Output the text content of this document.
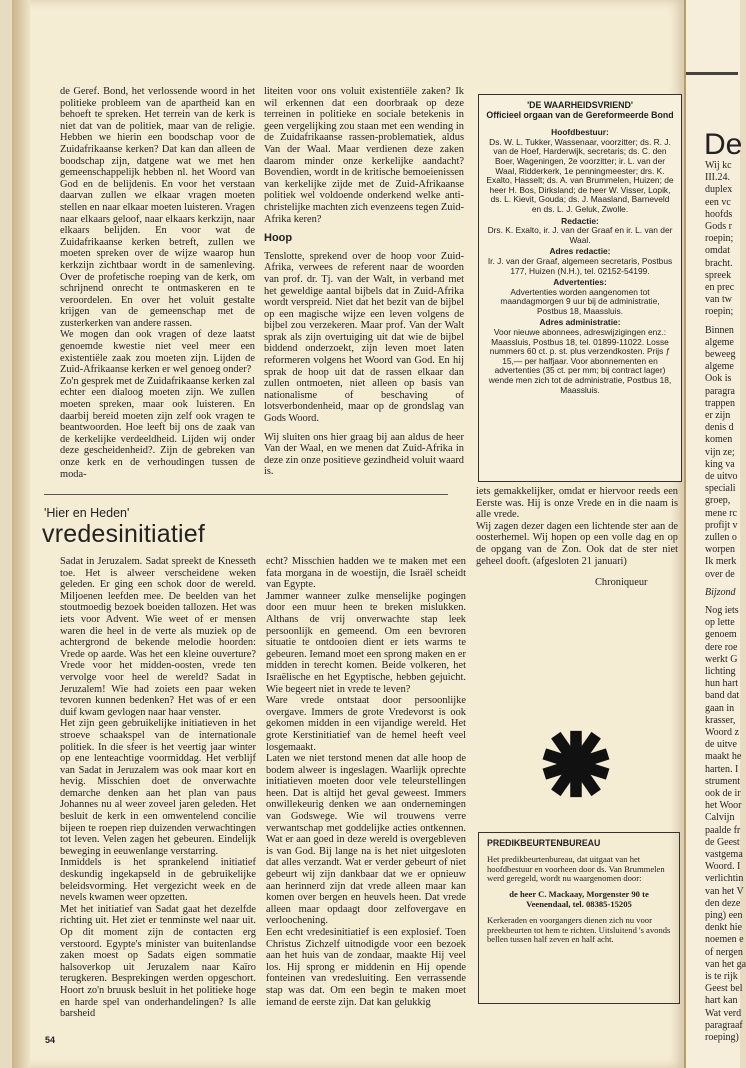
de Geref. Bond, het verlossende woord in het politieke probleem van de apartheid kan en behoeft te spreken. Het terrein van de kerk is niet dat van de politiek, maar van de religie. Hebben we hierin een boodschap voor de Zuidafrikaanse kerken? Dat kan dan alleen de boodschap zijn, datgene wat we met hen gemeenschappelijk hebben nl. het Woord van God en de belijdenis. En voor het verstaan daarvan zullen we elkaar vragen moeten stellen en naar elkaar moeten luisteren. Vragen naar elkaars geloof, naar elkaars kerkzijn, naar elkaars belijden. En voor wat de Zuidafrikaanse kerken betreft, zullen we moeten spreken over de wijze waarop hun kerkzijn zichtbaar wordt in de samenleving. Over de profetische roeping van de kerk, om schrijnend onrecht te ontmaskeren en te veroordelen. En over het voluit gestalte krijgen van de gemeenschap met de zusterkerken van andere rassen.

We mogen dan ook vragen of deze laatst genoemde kwestie niet veel meer een existentiële zaak zou moeten zijn. Lijden de Zuid-Afrikaanse kerken er wel genoeg onder?

Zo'n gesprek met de Zuidafrikaanse kerken zal echter een dialoog moeten zijn. We zullen moeten spreken, maar ook luisteren. En daarbij bereid moeten zijn zelf ook vragen te beantwoorden. Hoe leeft bij ons de zaak van de kerkelijke verdeeldheid. Lijden wij onder deze gescheidenheid?. Zijn de gebreken van onze kerk en de verhoudingen tussen de moda-

liteiten voor ons voluit existentiële zaken? Ik wil erkennen dat een doorbraak op deze terreinen in politieke en sociale betekenis in geen vergelijking zou staan met een wending in de Zuidafrikaanse rassen-problematiek, aldus Van der Waal. Maar verdienen deze zaken daarom minder onze kerkelijke aandacht? Bovendien, wordt in de kritische bemoeienissen van kerkelijke zijde met de Zuid-Afrikaanse politiek wel voldoende onderkend welke anti-christelijke machten zich evenzeens tegen Zuid-Afrika keren?

Hoop

Tenslotte, sprekend over de hoop voor Zuid-Afrika, verwees de referent naar de woorden van prof. dr. Tj. van der Walt, in verband met het geweldige aantal bijbels dat in Zuid-Afrika wordt verspreid. Niet dat het bezit van de bijbel op een magische wijze een leven volgens de bijbel zou verzekeren. Maar prof. Van der Walt sprak als zijn overtuiging uit dat wie de bijbel biddend onderzoekt, zijn leven moet laten reformeren volgens het Woord van God. En hij sprak de hoop uit dat de rassen elkaar dan zullen ontmoeten, niet alleen op basis van nationalisme of beschaving of lotsverbondenheid, maar op de grondslag van Gods Woord.

Wij sluiten ons hier graag bij aan aldus de heer Van der Waal, en we menen dat Zuid-Afrika in deze zin onze positieve gezindheid voluit waard is.

'DE WAARHEIDSVRIEND'
Officieel orgaan van de Gereformeerde Bond
Hoofdbestuur:
Ds. W. L. Tukker, Wassenaar, voorzitter; ds. R. J. van de Hoef, Harderwijk, secretaris; ds. C. den Boer, Wageningen, 2e voorzitter; ir. L. van der Waal, Ridderkerk, 1e penningmeester; drs. K. Exalto, Hasselt; ds. A. van Brummelen, Huizen; de heer H. Bos, Dirksland; de heer W. Visser, Lopik, ds. L. Kievit, Gouda; ds. J. Maasland, Barneveld en ds. L. J. Geluk, Zwolle.
Redactie:
Drs. K. Exalto, ir. J. van der Graaf en ir. L. van der Waal.
Adres redactie:
Ir. J. van der Graaf, algemeen secretaris, Postbus 177, Huizen (N.H.), tel. 02152-54199.
Advertenties:
Advertenties worden aangenomen tot maandagmorgen 9 uur bij de administratie, Postbus 18, Maassluis.
Adres administratie:
Voor nieuwe abonnees, adreswijzigingen enz.: Maassluis, Postbus 18, tel. 01899-11022. Losse nummers 60 ct. p. st. plus verzendkosten. Prijs ƒ 15,— per halfjaar. Voor abonnementen en advertenties (35 ct. per mm; bij contract lager) wende men zich tot de administratie, Postbus 18, Maassluis.
'Hier en Heden'
vredesinitiatief

Sadat in Jeruzalem. Sadat spreekt de Knesseth toe. Het is alweer verscheidene weken geleden. Er ging een schok door de wereld. Miljoenen leefden mee. De beelden van het stoutmoedig bezoek boeiden tallozen. Het was iets voor Advent. Wie weet of er mensen waren die heel in de verte als muziek op de achtergrond de bekende melodie hoorden: Vrede op aarde. Was het een kleine ouverture? Vrede voor het midden-oosten, vrede ten vervolge voor heel de wereld? Sadat in Jeruzalem! Wie had zoiets een paar weken tevoren kunnen bedenken? Het was of er een duif kwam gevlogen naar haar venster.

Het zijn geen gebruikelijke initiatieven in het stroeve schaakspel van de internationale politiek. In die sfeer is het veertig jaar winter op ene lenteachtige voormiddag. Het verblijf van Sadat in Jeruzalem was ook maar kort en hevig. Misschien doet de onverwachte demarche denken aan het plan van paus Johannes nu al weer zoveel jaren geleden. Het besluit de kerk in een omwentelend concilie bijeen te roepen riep duizenden verwachtingen tot leven. Velen zagen het gebeuren. Eindelijk beweging in eeuwenlange verstarring.

Inmiddels is het sprankelend initiatief deskundig ingekapseld in de gebruikelijke beleidsvorming. Het vergezicht week en de nevels kwamen weer opzetten.

Met het initiatief van Sadat gaat het dezelfde richting uit. Het ziet er tenminste wel naar uit. Op dit moment zijn de contacten erg verstoord. Egypte's minister van buitenlandse zaken moest op Sadats eigen sommatie halsoverkop uit Jeruzalem naar Kaïro terugkeren. Besprekingen werden opgeschort. Hoort zo'n bruusk besluit in het politieke hoge en harde spel van onderhandelingen? Is alle barsheid

echt? Misschien hadden we te maken met een fata morgana in de woestijn, die Israël scheidt van Egypte.

Jammer wanneer zulke menselijke pogingen door een muur heen te breken mislukken. Althans de vrij onverwachte stap leek persoonlijk en gemeend. Om een bevroren situatie te ontdooien dient er iets warms te gebeuren. Iemand moet een sprong maken en er midden in terecht komen. Beide volkeren, het Israëlische en het Egyptische, hebben gejuicht. Wie begeert niet in vrede te leven?

Ware vrede ontstaat door persoonlijke overgave. Immers de grote Vredevorst is ook gekomen midden in een vijandige wereld. Het grote Kerstinitiatief van de hemel heeft veel losgemaakt.

Laten we niet terstond menen dat alle hoop de bodem alweer is ingeslagen. Waarlijk oprechte initiatieven moeten door vele teleurstellingen heen. Dat is altijd het geval geweest. Immers onwillekeurig denken we aan ondernemingen van Godswege. Wie wil trouwens verre verwantschap met goddelijke acties ontkennen. Wat er aan goed in deze wereld is overgebleven is van God. Bij lange na is het niet uitgesloten dat alles verzandt. Wat er verder gebeurt of niet gebeurt wij zijn dankbaar dat we er opnieuw aan herinnerd zijn dat vrede alleen maar kan komen over bergen en heuvels heen. Dat vrede alleen maar opdaagt door zelfovergave en verloochening.

Een echt vredesinitiatief is een explosief. Toen Christus Zichzelf uitnodigde voor een bezoek aan het huis van de zondaar, maakte Hij veel los. Hij sprong er middenin en Hij opende fonteinen van vredesluiting. Een verrassende stap was dat. Om een begin te maken moet iemand de eerste zijn. Dat kan gelukkig

iets gemakkelijker, omdat er hiervoor reeds een Eerste was. Hij is onze Vrede en in die naam is alle vrede.

Wij zagen dezer dagen een lichtende ster aan de oosterhemel. Wij hopen op een volle dag en op de opgang van de Zon. Ook dat de ster niet geheel dooft. (afgesloten 21 januari)

Chroniqueur
PREDIKBEURTENBUREAU
Het predikbeurtenbureau, dat uitgaat van het hoofdbestuur en voorheen door ds. Van Brummelen werd geregeld, wordt nu waargenomen door:
de heer C. Mackaay, Morgenster 90 te Veenendaal, tel. 08385-15205
Kerkeraden en voorgangers dienen zich nu voor preekbeurten tot hem te richten. Uitsluitend 's avonds bellen tussen half zeven en half acht.
54
De
Wij kc
III.24.
duplex
een vc
hoofds
Gods r
roepin;
omdat
bracht.
spreek
en prec
van tw
roepin;
Binnen
algeme
beweeg
algeme
Ook is
paragra
trappen
er zijn
denis d
komen
vijn ze;
king va
de uitvo
speciali
groep,
mene rc
profijt v
zullen o
worpen
Ik merk
over de
Bijzond
Nog iets
op lette
genoem
dere roe
werkt G
lichting
hun hart
band dat
gaan in
krasser,
Woord z
de uitve
maakt he
harten. I
strument
ook de ir
het Woor
Calvijn
paalde fr
de Geest
vastgema
Woord. I
verlichtin
van het V
den deze
ping) een
denkt hie
noemen e
of nergen
van het ga
is te rijk
Geest bel
hart kan
Wat verd
paragraaf
roeping)
